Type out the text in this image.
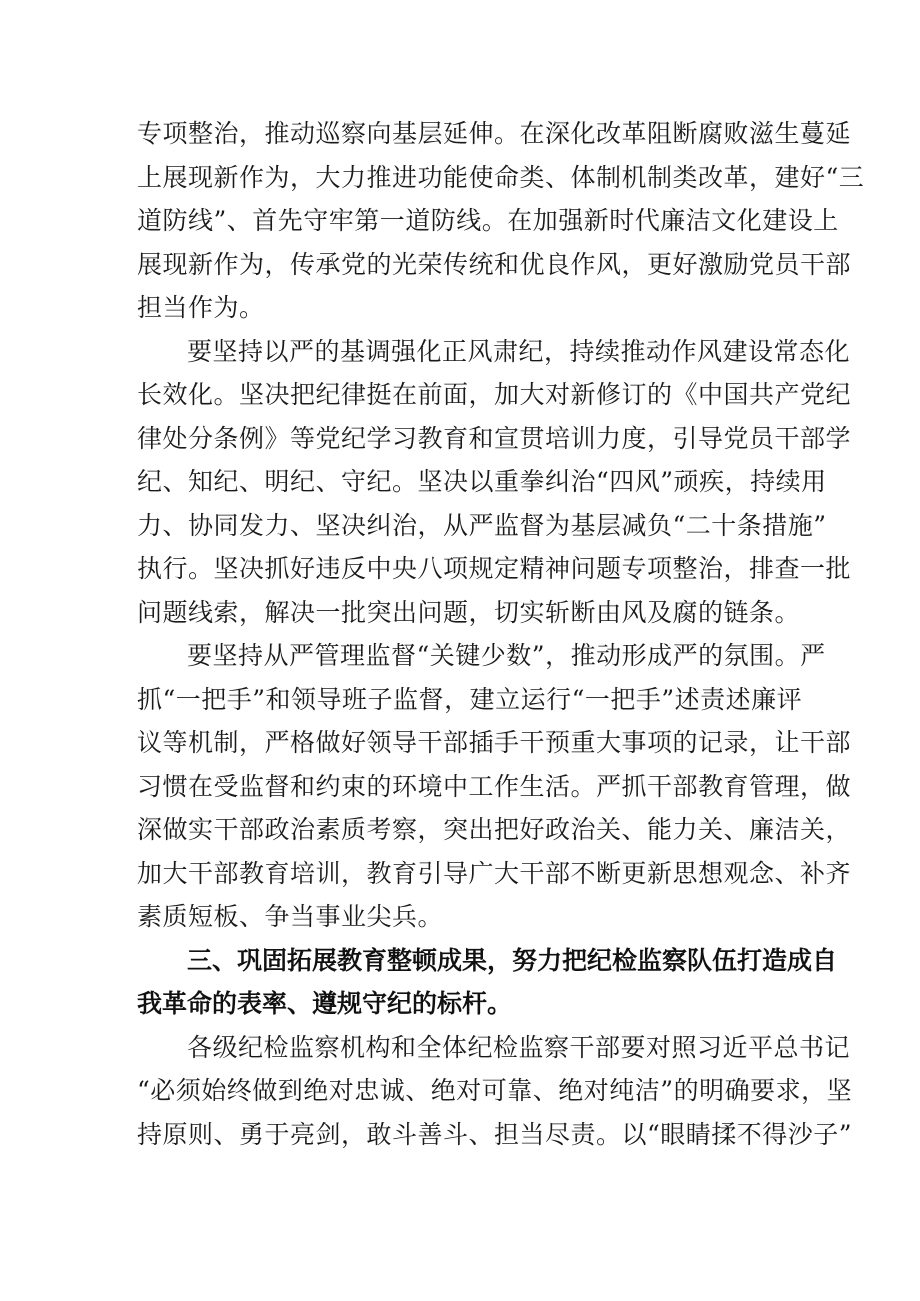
专项整治，推动巡察向基层延伸。在深化改革阻断腐败滋生蔓延
上展现新作为，大力推进功能使命类、体制机制类改革，建好“三
道防线”、首先守牢第一道防线。在加强新时代廉洁文化建设上
展现新作为，传承党的光荣传统和优良作风，更好激励党员干部
担当作为。

要坚持以严的基调强化正风肃纪，持续推动作风建设常态化
长效化。坚决把纪律挺在前面，加大对新修订的《中国共产党纪
律处分条例》等党纪学习教育和宣贯培训力度，引导党员干部学
纪、知纪、明纪、守纪。坚决以重拳纠治“四风”顽疾，持续用
力、协同发力、坚决纠治，从严监督为基层减负“二十条措施”
执行。坚决抓好违反中央八项规定精神问题专项整治，排查一批
问题线索，解决一批突出问题，切实斩断由风及腐的链条。

要坚持从严管理监督“关键少数”，推动形成严的氛围。严
抓“一把手”和领导班子监督，建立运行“一把手”述责述廉评
议等机制，严格做好领导干部插手干预重大事项的记录，让干部
习惯在受监督和约束的环境中工作生活。严抓干部教育管理，做
深做实干部政治素质考察，突出把好政治关、能力关、廉洁关，
加大干部教育培训，教育引导广大干部不断更新思想观念、补齐
素质短板、争当事业尖兵。

三、巩固拓展教育整顿成果，努力把纪检监察队伍打造成自
我革命的表率、遵规守纪的标杆。

各级纪检监察机构和全体纪检监察干部要对照习近平总书记
“必须始终做到绝对忠诚、绝对可靠、绝对纯洁”的明确要求，坚
持原则、勇于亮剑，敢斗善斗、担当尽责。以“眼睛揉不得沙子”
